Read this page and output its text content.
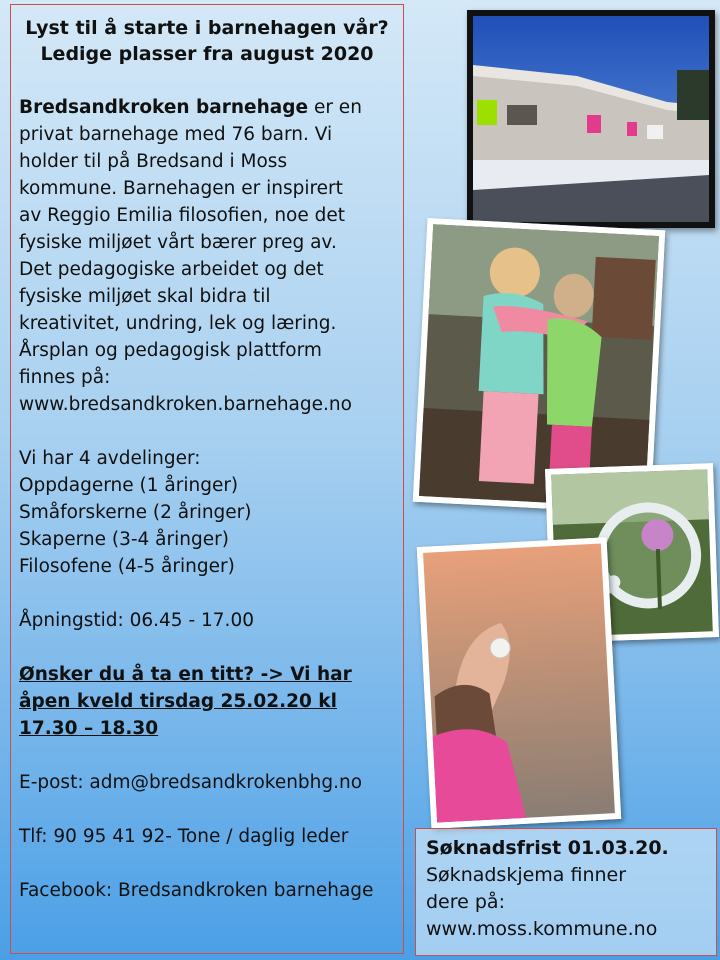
Lyst til å starte i barnehagen vår?
Ledige plasser fra august 2020
Bredsandkroken barnehage er en
privat barnehage med 76 barn. Vi
holder til på Bredsand i Moss
kommune. Barnehagen er inspirert
av Reggio Emilia filosofien, noe det
fysiske miljøet vårt bærer preg av.
Det pedagogiske arbeidet og det
fysiske miljøet skal bidra til
kreativitet, undring, lek og læring.
Årsplan og pedagogisk plattform
finnes på:
www.bredsandkroken.barnehage.no
Vi har 4 avdelinger:
Oppdagerne (1 åringer)
Småforskerne (2 åringer)
Skaperne (3-4 åringer)
Filosofene (4-5 åringer)
Åpningstid: 06.45 - 17.00
Ønsker du å ta en titt? -> Vi har
åpen kveld tirsdag 25.02.20 kl
17.30 – 18.30
E-post: adm@bredsandkrokenbhg.no
Tlf: 90 95 41 92- Tone / daglig leder
Facebook: Bredsandkroken barnehage
Søknadsfrist 01.03.20.
Søknadskjema finner
dere på:
www.moss.kommune.no
